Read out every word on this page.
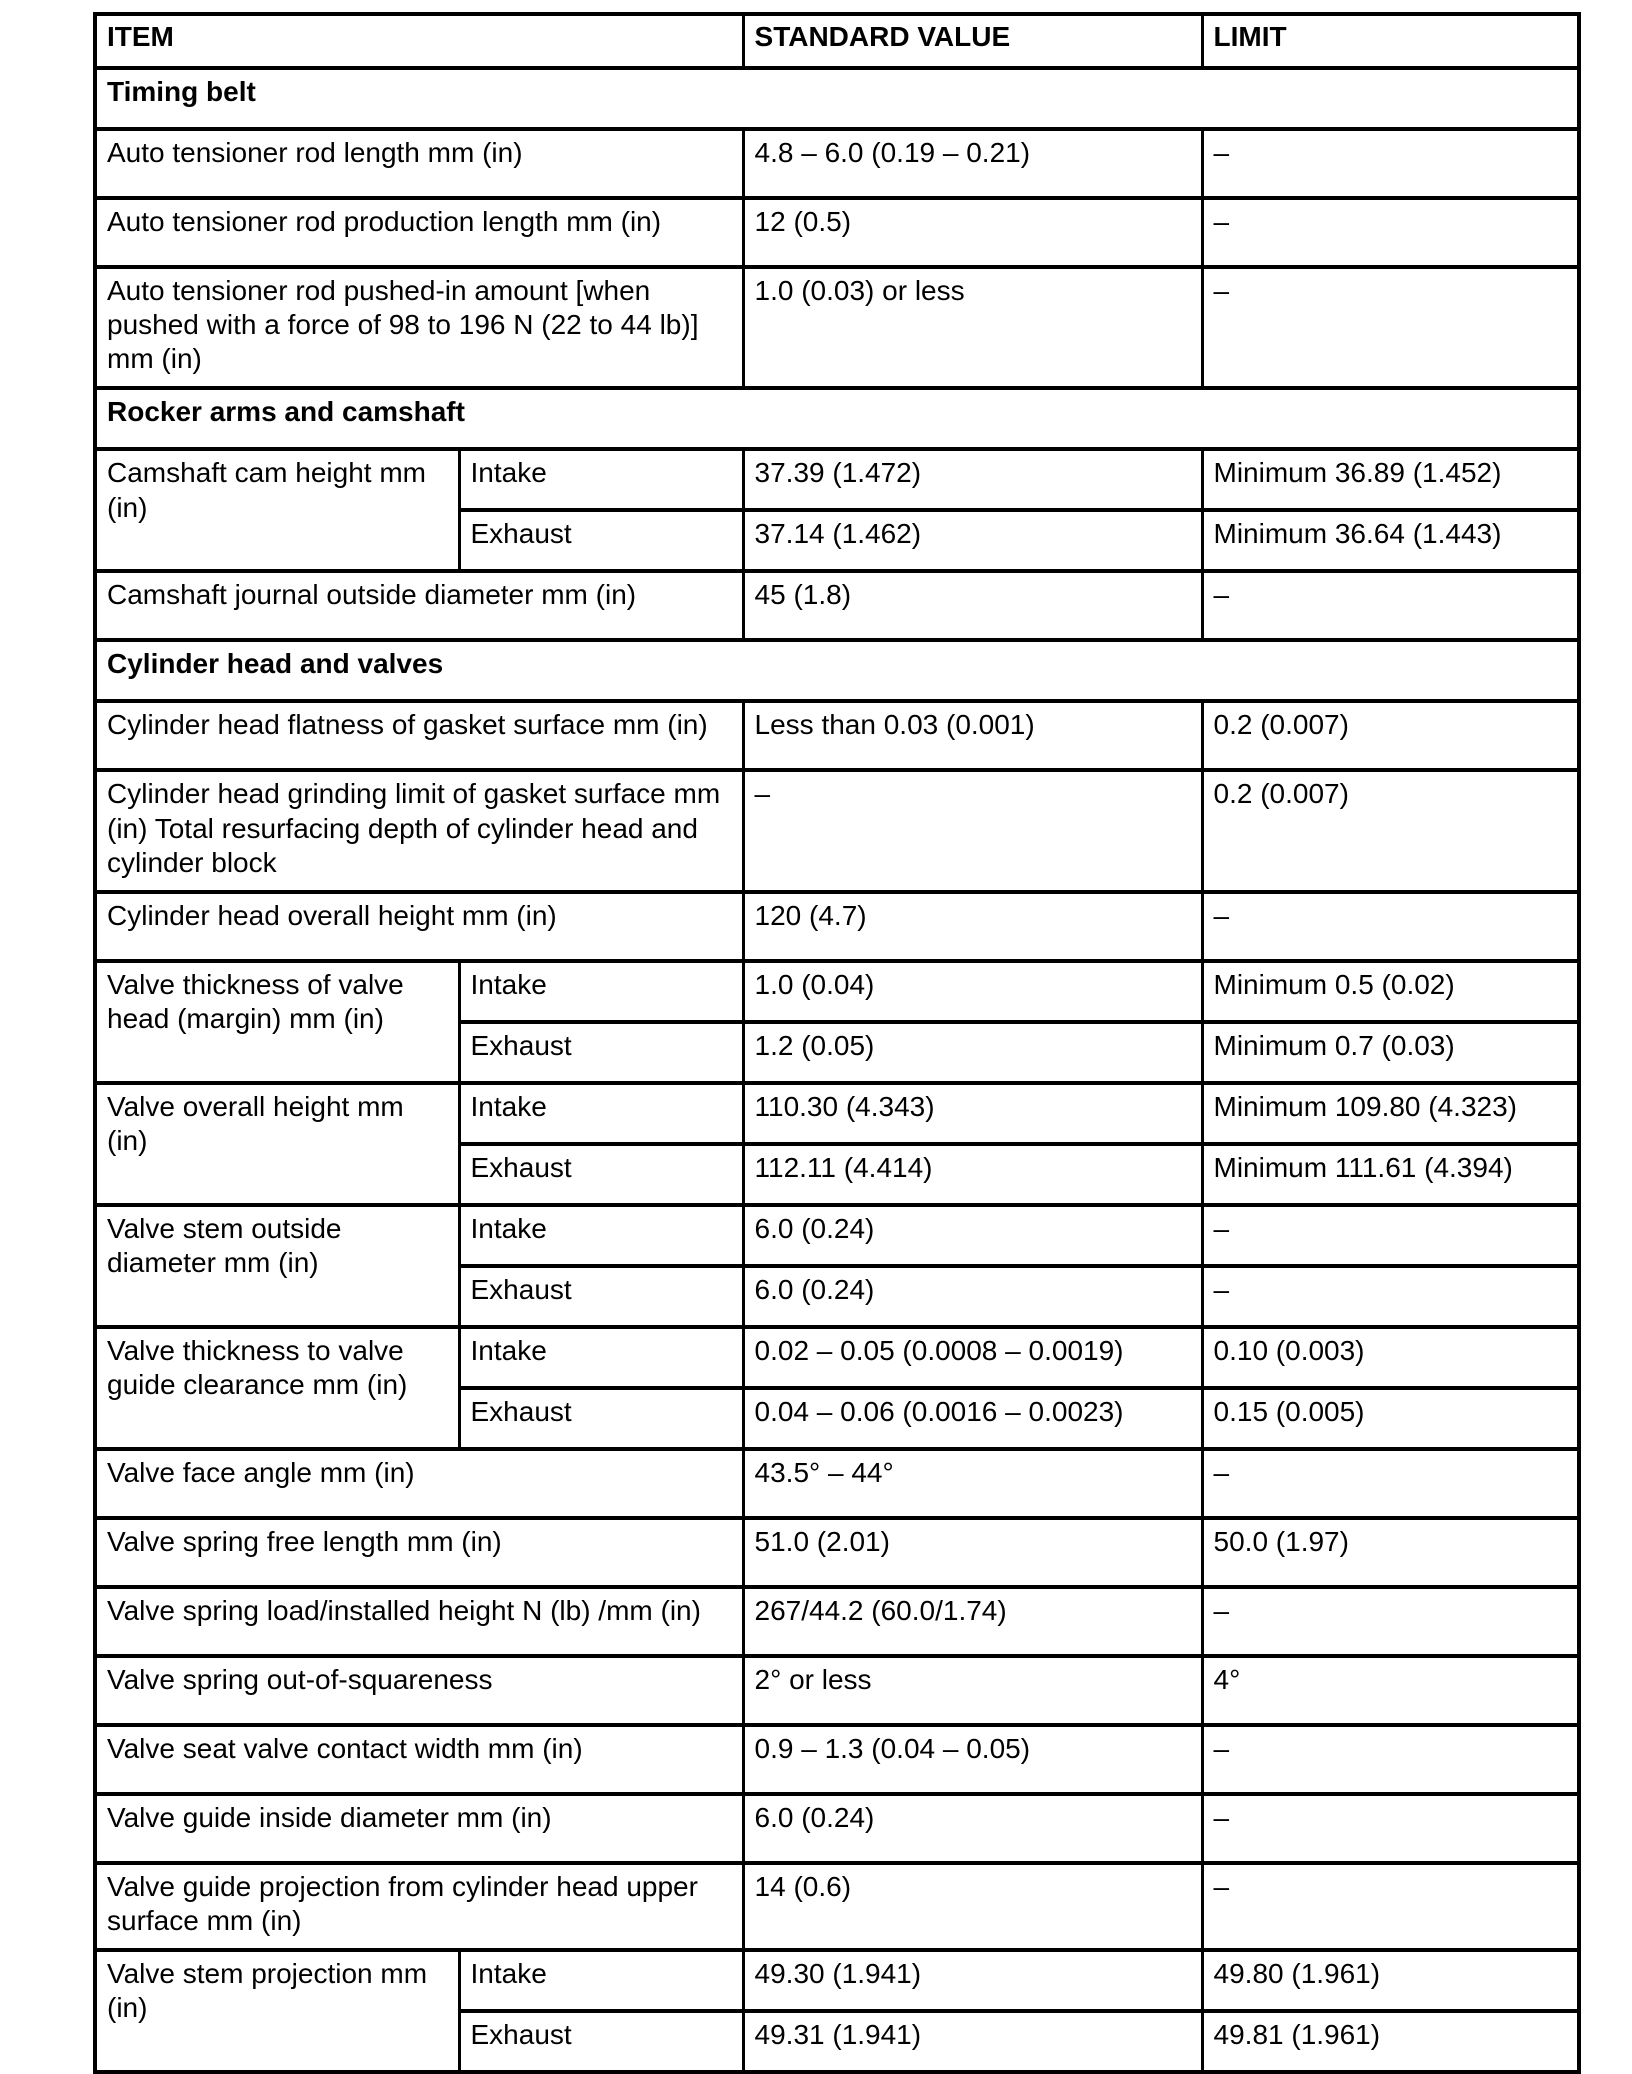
ITEM		STANDARD VALUE	LIMIT
Timing belt			
Auto tensioner rod length mm (in)		4.8 – 6.0 (0.19 – 0.21)	–
Auto tensioner rod production length mm (in)		12 (0.5)	–
Auto tensioner rod pushed-in amount [when pushed with a force of 98 to 196 N (22 to 44 lb)] mm (in)		1.0 (0.03) or less	–
Rocker arms and camshaft			
Camshaft cam height mm (in)	Intake	37.39 (1.472)	Minimum 36.89 (1.452)
	Exhaust	37.14 (1.462)	Minimum 36.64 (1.443)
Camshaft journal outside diameter mm (in)		45 (1.8)	–
Cylinder head and valves			
Cylinder head flatness of gasket surface mm (in)		Less than 0.03 (0.001)	0.2 (0.007)
Cylinder head grinding limit of gasket surface mm (in) Total resurfacing depth of cylinder head and cylinder block		–	0.2 (0.007)
Cylinder head overall height mm (in)		120 (4.7)	–
Valve thickness of valve head (margin) mm (in)	Intake	1.0 (0.04)	Minimum 0.5 (0.02)
	Exhaust	1.2 (0.05)	Minimum 0.7 (0.03)
Valve overall height mm (in)	Intake	110.30 (4.343)	Minimum 109.80 (4.323)
	Exhaust	112.11 (4.414)	Minimum 111.61 (4.394)
Valve stem outside diameter mm (in)	Intake	6.0 (0.24)	–
	Exhaust	6.0 (0.24)	–
Valve thickness to valve guide clearance mm (in)	Intake	0.02 – 0.05 (0.0008 – 0.0019)	0.10 (0.003)
	Exhaust	0.04 – 0.06 (0.0016 – 0.0023)	0.15 (0.005)
Valve face angle mm (in)		43.5° – 44°	–
Valve spring free length mm (in)		51.0 (2.01)	50.0 (1.97)
Valve spring load/installed height N (lb) /mm (in)		267/44.2 (60.0/1.74)	–
Valve spring out-of-squareness		2° or less	4°
Valve seat valve contact width mm (in)		0.9 – 1.3 (0.04 – 0.05)	–
Valve guide inside diameter mm (in)		6.0 (0.24)	–
Valve guide projection from cylinder head upper surface mm (in)		14 (0.6)	–
Valve stem projection mm (in)	Intake	49.30 (1.941)	49.80 (1.961)
	Exhaust	49.31 (1.941)	49.81 (1.961)
